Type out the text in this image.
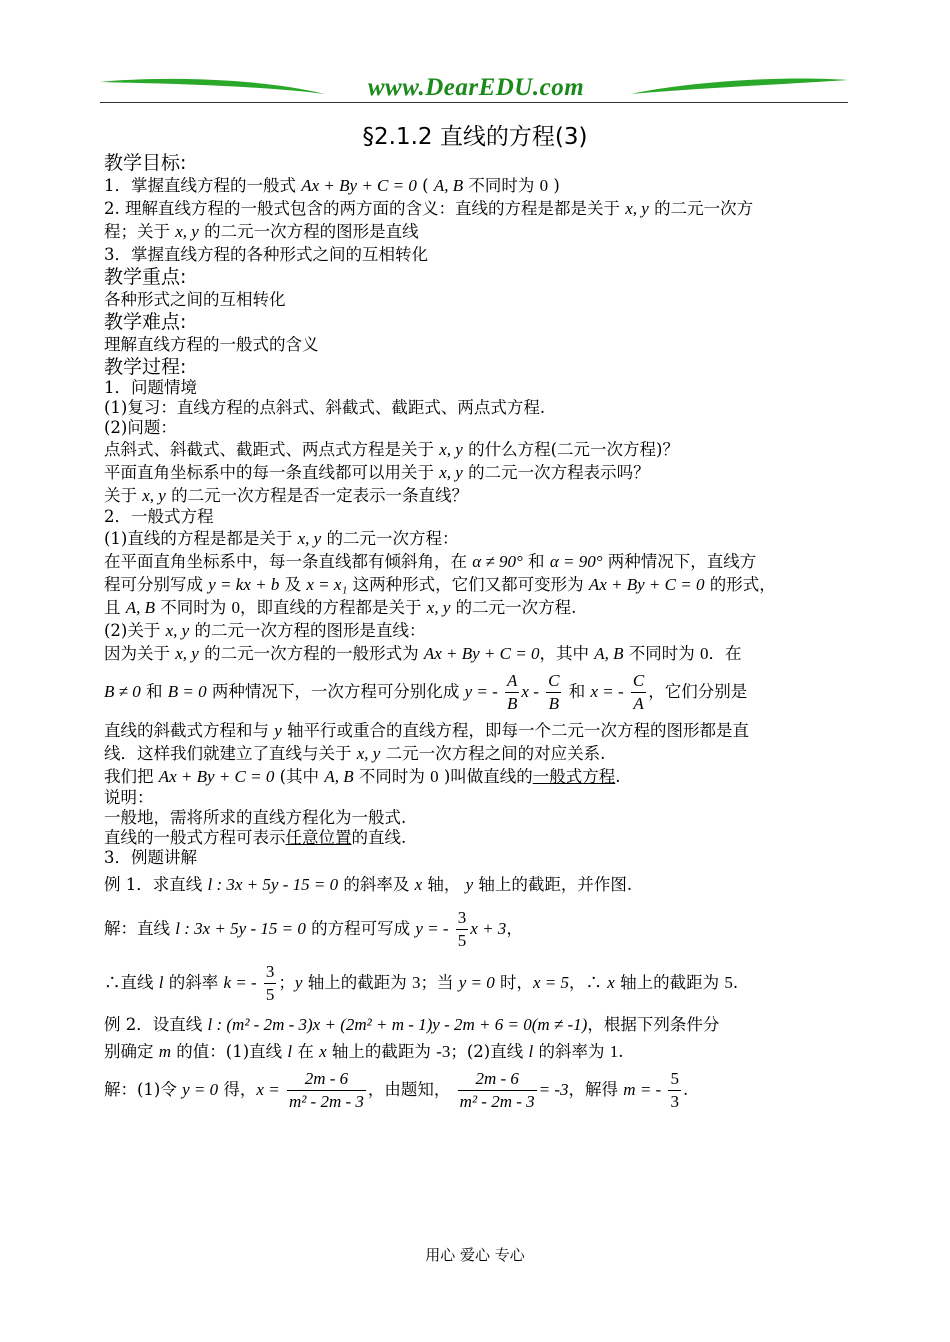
www.DearEDU.com
§2.1.2 直线的方程(3)
教学目标:
1．掌握直线方程的一般式 Ax + By + C = 0 ( A, B 不同时为 0 )
2. 理解直线方程的一般式包含的两方面的含义：直线的方程是都是关于 x, y 的二元一次方
程；关于 x, y 的二元一次方程的图形是直线
3．掌握直线方程的各种形式之间的互相转化
教学重点:
各种形式之间的互相转化
教学难点:
理解直线方程的一般式的含义
教学过程:
1．问题情境
(1)复习：直线方程的点斜式、斜截式、截距式、两点式方程.
(2)问题：
点斜式、斜截式、截距式、两点式方程是关于 x, y 的什么方程(二元一次方程)？
平面直角坐标系中的每一条直线都可以用关于 x, y 的二元一次方程表示吗？
关于 x, y 的二元一次方程是否一定表示一条直线？
2．一般式方程
(1)直线的方程是都是关于 x, y 的二元一次方程：
在平面直角坐标系中，每一条直线都有倾斜角，在 α ≠ 90° 和 α = 90° 两种情况下，直线方
程可分别写成 y = kx + b 及 x = x₁ 这两种形式，它们又都可变形为 Ax + By + C = 0 的形式，
且 A, B 不同时为 0，即直线的方程都是关于 x, y 的二元一次方程.
(2)关于 x, y 的二元一次方程的图形是直线：
因为关于 x, y 的二元一次方程的一般形式为 Ax + By + C = 0，其中 A, B 不同时为 0．在
B ≠ 0 和 B = 0 两种情况下，一次方程可分别化成 y = - $\frac{A}{B}$ x - $\frac{C}{B}$ 和 x = - $\frac{C}{A}$ ，它们分别是
直线的斜截式方程和与 y 轴平行或重合的直线方程，即每一个二元一次方程的图形都是直
线．这样我们就建立了直线与关于 x, y 二元一次方程之间的对应关系.
我们把 Ax + By + C = 0 (其中 A, B 不同时为 0 )叫做直线的一般式方程.
说明：
一般地，需将所求的直线方程化为一般式.
直线的一般式方程可表示任意位置的直线.
3．例题讲解
例 1．求直线 l : 3x + 5y - 15 = 0 的斜率及 x 轴， y 轴上的截距，并作图.
解：直线 l : 3x + 5y - 15 = 0 的方程可写成 y = - $\frac{3}{5}$ x + 3，
∴直线 l 的斜率 k = - $\frac{3}{5}$ ；y 轴上的截距为 3；当 y = 0 时，x = 5，∴ x 轴上的截距为 5.
例 2．设直线 l : (m² - 2m - 3)x + (2m² + m - 1)y - 2m + 6 = 0(m ≠ -1)，根据下列条件分
别确定 m 的值：(1)直线 l 在 x 轴上的截距为 -3；(2)直线 l 的斜率为 1.
解：(1)令 y = 0 得，$x = \frac{2m - 6}{\text{m² - 2m - 3}}$ ，由题知， $\frac{2m - 6}{\text{m² - 2m - 3}} = -3$，解得 m = - $\frac{5}{3}$ .
用心 爱心 专心
